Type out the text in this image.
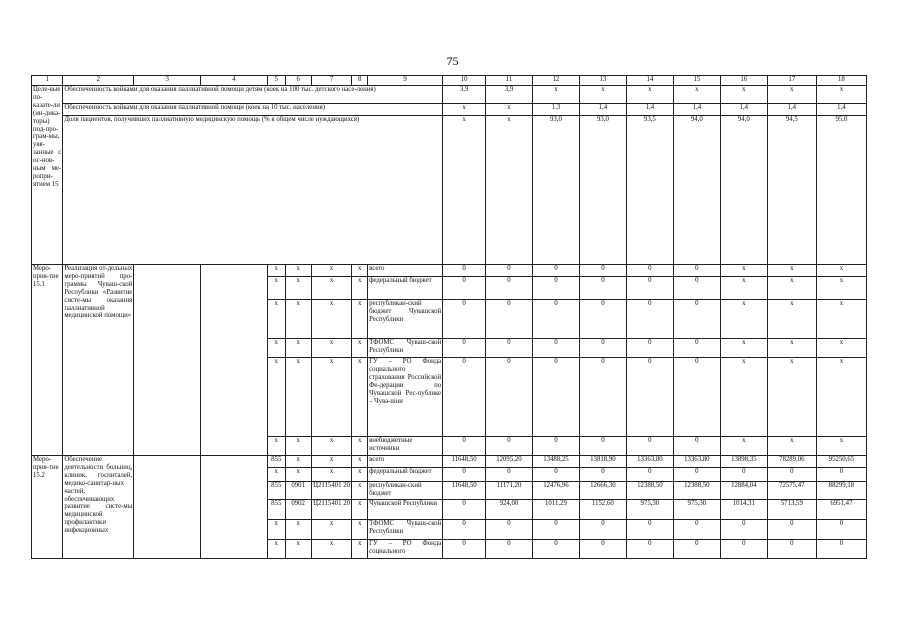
75
1	2	3	4	5	6	7	8	9	10	11	12	13	14	15	16	17	18
Целе-вые по-казате-ли (ин-дика-торы) под-про-грам-мы, увя-занные с ос-нов-ным ме-ропри-ятием 15	Обеспеченность койками для оказания паллиативной помощи детям (коек на 100 тыс. детского насе-ления)								3,9	3,9	x	x	x	x	x	x	x
	Обеспеченность койками для оказания паллиативной помощи (коек на 10 тыс. населения)								x	x	1,3	1,4	1,4	1,4	1,4	1,4	1,4
	Доля пациентов, получивших паллиативную медицинскую помощь (% в общем числе нуждающихся)								x	x	93,0	93,0	93,5	94,0	94,0	94,5	95,0
Меро-прия-тие 15.1	Реализация от-дельных меро-приятий про-граммы Чуваш-ской Республики «Развитие систе-мы оказания паллиативной медицинской помощи»			x	x	x	x	всего	0	0	0	0	0	0	x	x	x
				x	x	x	x	федеральный бюджет	0	0	0	0	0	0	x	x	x
				x	x	x	x	республикан-ский бюджет Чувашской Республики	0	0	0	0	0	0	x	x	x
				x	x	x	x	ТФОМС Чуваш-ской Республики	0	0	0	0	0	0	x	x	x
				x	x	x	x	ГУ – РО Фонда социального страхования Российской Фе-дерации по Чувашской Рес-публике – Чува-шии	0	0	0	0	0	0	x	x	x
				x	x	x	x	внебюджетные источники	0	0	0	0	0	0	x	x	x
Меро-прия-тие 15.2	Обеспечение деятельности больниц, клиник, госпиталей, медико-санитар-ных частей, обеспечивающих развитие систе-мы медицинской профилактики инфекционных			855	x	x	x	всего	11648,50	12095,20	13488,25	13818,90	13363,80	13363,80	13898,35	78289,06	95250,65
				x	x	x	x	федеральный бюджет	0	0	0	0	0	0	0	0	0
				855	0901	Ц2115401 20	x	республикан-ский бюджет	11648,50	11171,20	12476,96	12666,30	12388,50	12388,50	12884,04	72575,47	88299,18
				855	0902	Ц2115401 20	x	Чувашской Республики	0	924,00	1011,29	1152,60	975,30	975,30	1014,31	5713,59	6951,47
				x	x	x	x	ТФОМС Чуваш-ской Республики	0	0	0	0	0	0	0	0	0
				x	x	x	x	ГУ – РО Фонда социального	0	0	0	0	0	0	0	0	0
